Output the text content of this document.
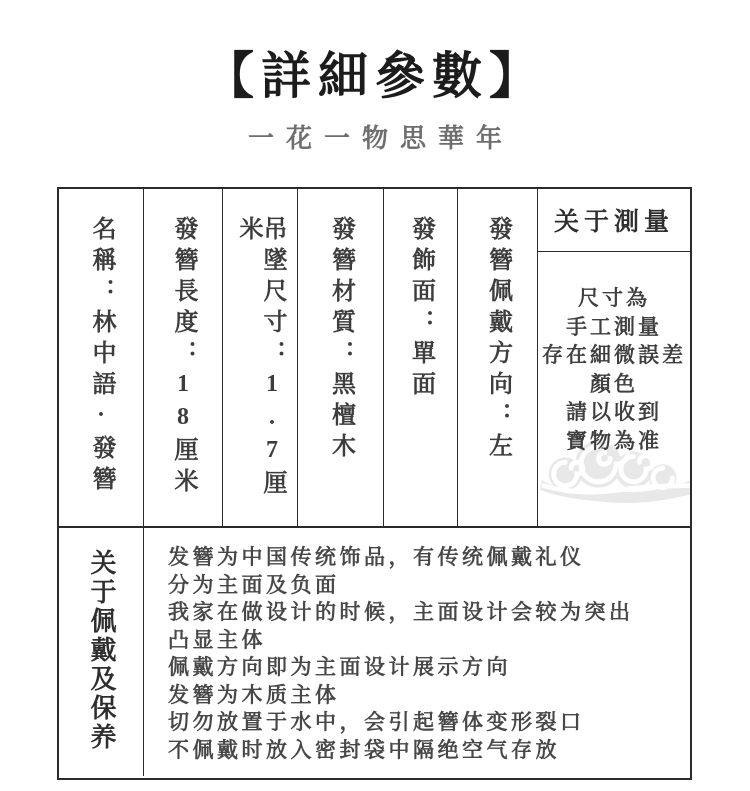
【詳細參數】
一花一物思華年
名稱：林中語·發簪 發簪長度：18厘米	吊墜尺寸：1.7厘米	發簪材質：黑檀木 發飾面：單面 發簪佩戴方向：左	关于測量
尺寸為
手工測量
存在細微誤差
顏色
請以收到
寶物為准
关于佩戴及保养 发簪为中国传统饰品，有传统佩戴礼仪
分为主面及负面
我家在做设计的时候，主面设计会较为突出
凸显主体
佩戴方向即为主面设计展示方向
发簪为木质主体
切勿放置于水中，会引起簪体变形裂口
不佩戴时放入密封袋中隔绝空气存放
